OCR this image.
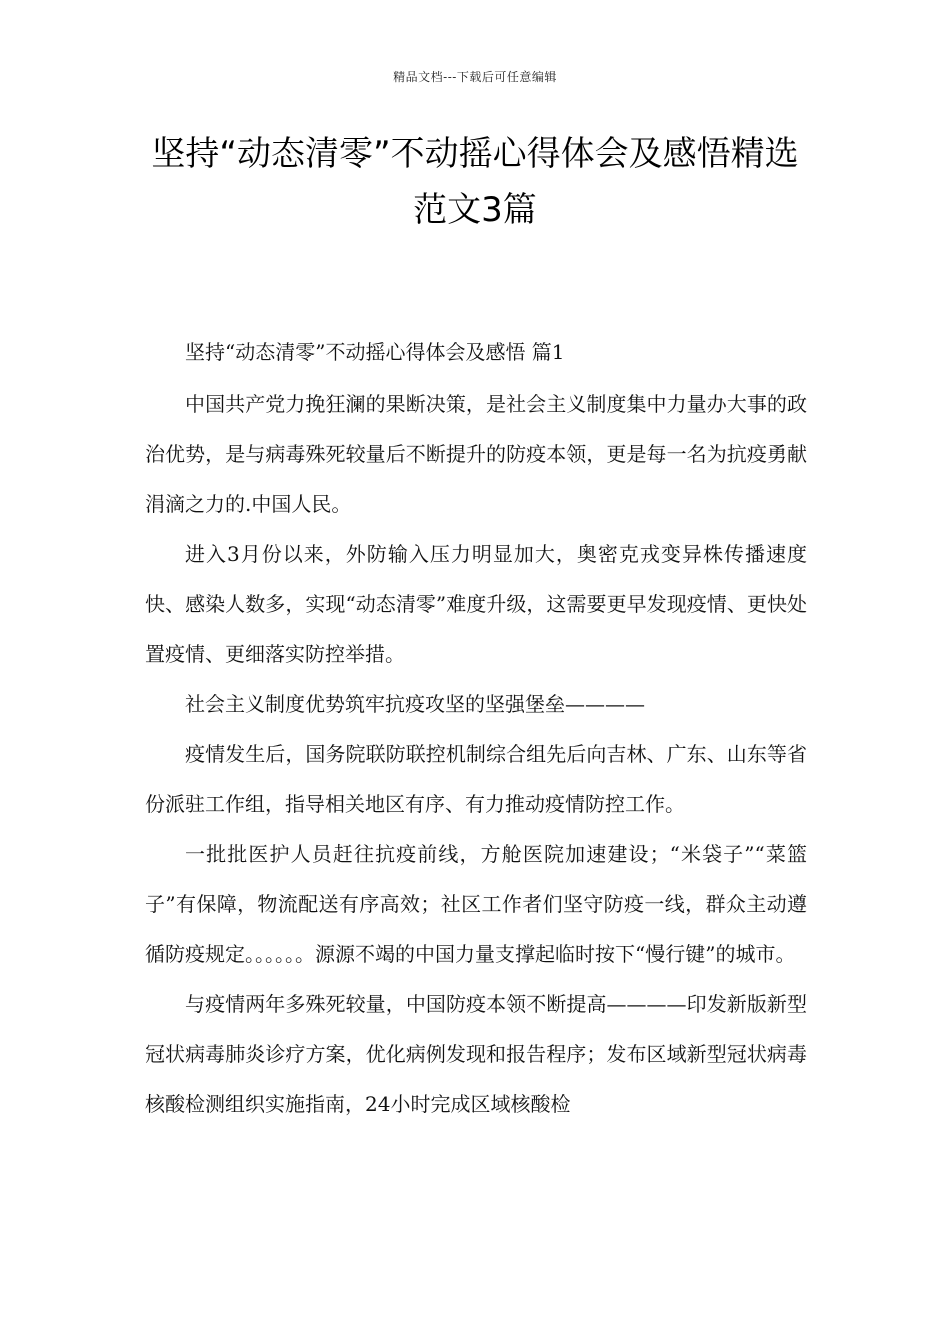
精品文档---下载后可任意编辑
坚持“动态清零”不动摇心得体会及感悟精选范文3篇

坚持“动态清零”不动摇心得体会及感悟 篇1

中国共产党力挽狂澜的果断决策，是社会主义制度集中力量办大事的政治优势，是与病毒殊死较量后不断提升的防疫本领，更是每一名为抗疫勇献涓滴之力的.中国人民。

进入3月份以来，外防输入压力明显加大，奥密克戎变异株传播速度快、感染人数多，实现“动态清零”难度升级，这需要更早发现疫情、更快处置疫情、更细落实防控举措。

社会主义制度优势筑牢抗疫攻坚的坚强堡垒————

疫情发生后，国务院联防联控机制综合组先后向吉林、广东、山东等省份派驻工作组，指导相关地区有序、有力推动疫情防控工作。

一批批医护人员赶往抗疫前线，方舱医院加速建设；“米袋子”“菜篮子”有保障，物流配送有序高效；社区工作者们坚守防疫一线，群众主动遵循防疫规定。。。。。。源源不竭的中国力量支撑起临时按下“慢行键”的城市。

与疫情两年多殊死较量，中国防疫本领不断提高————印发新版新型冠状病毒肺炎诊疗方案，优化病例发现和报告程序；发布区域新型冠状病毒核酸检测组织实施指南，24小时完成区域核酸检
